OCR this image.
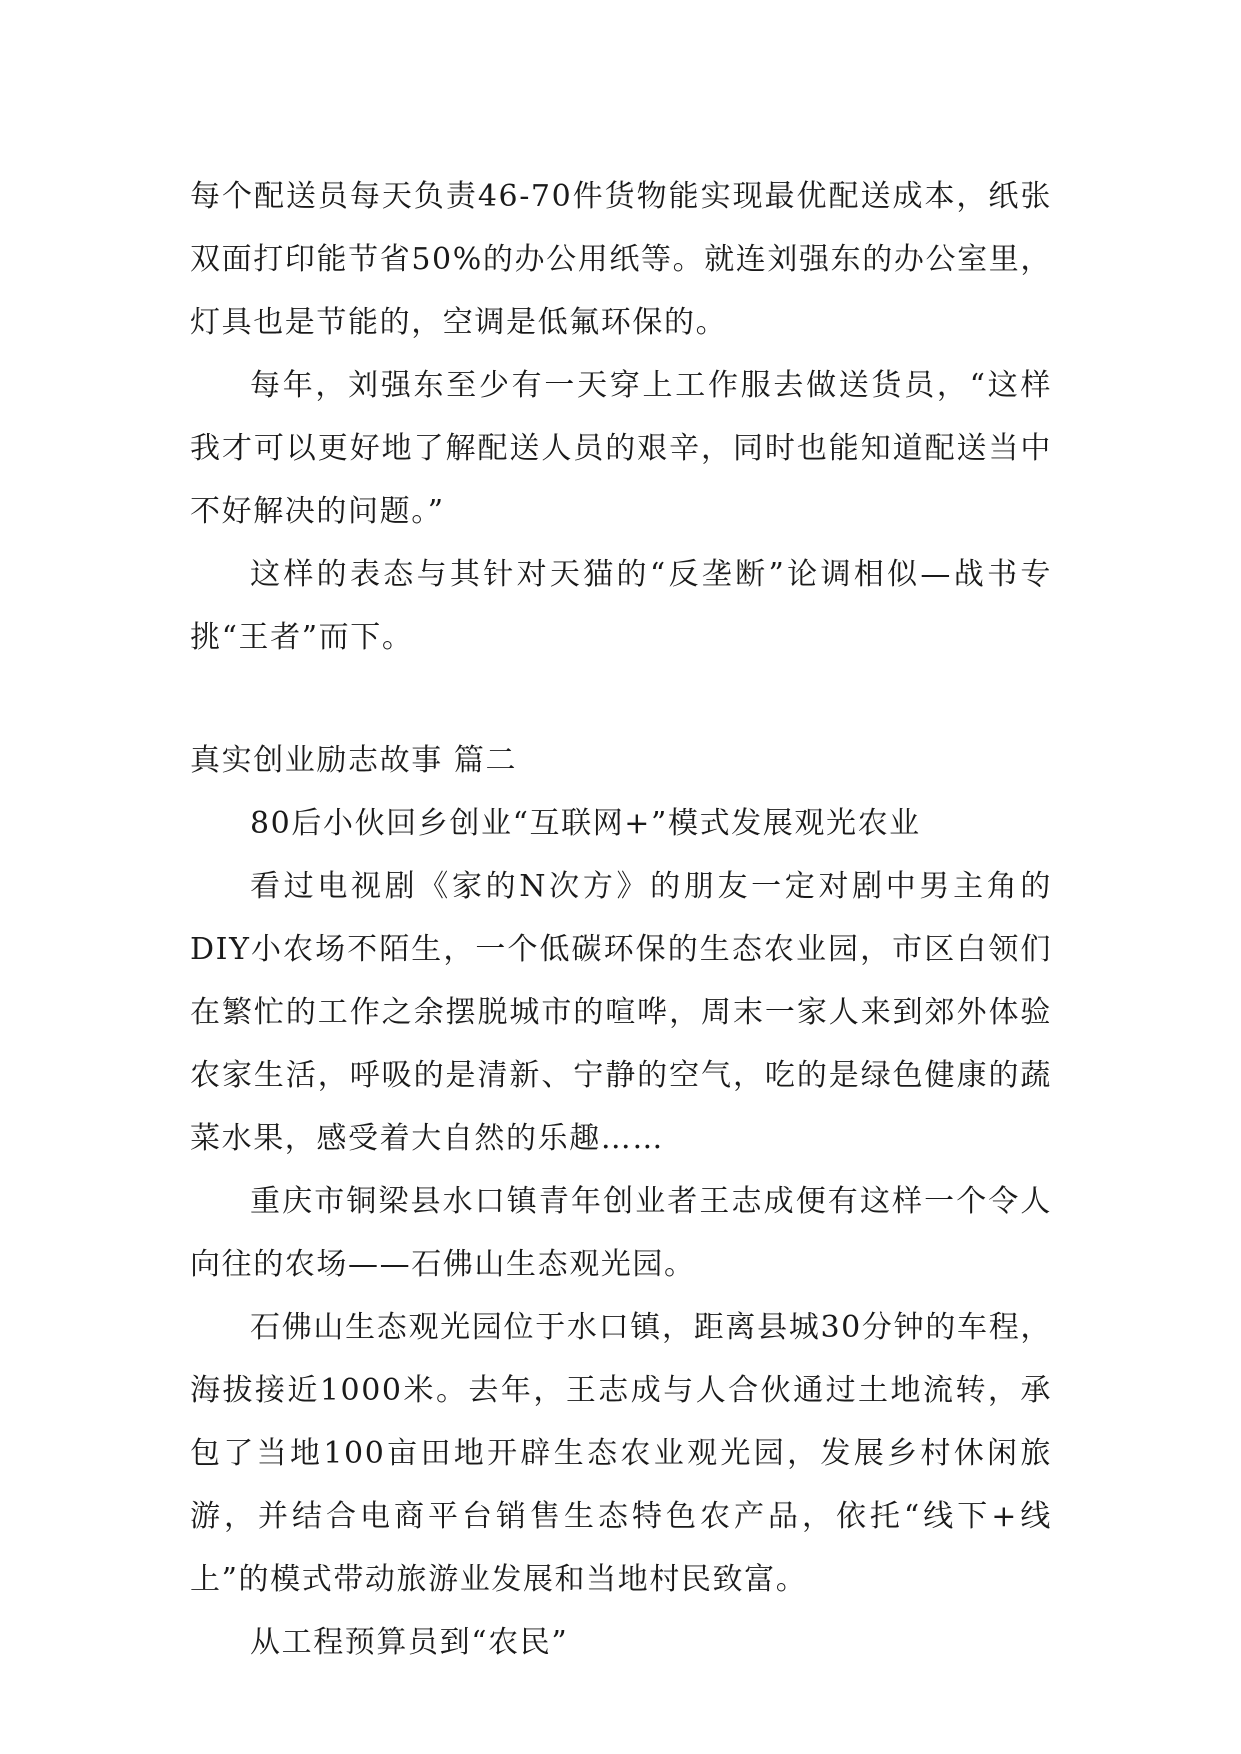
每个配送员每天负责46-70件货物能实现最优配送成本，纸张双面打印能节省50%的办公用纸等。就连刘强东的办公室里，灯具也是节能的，空调是低氟环保的。

每年，刘强东至少有一天穿上工作服去做送货员，“这样我才可以更好地了解配送人员的艰辛，同时也能知道配送当中不好解决的问题。”

这样的表态与其针对天猫的“反垄断”论调相似—战书专挑“王者”而下。

真实创业励志故事 篇二

80后小伙回乡创业“互联网+”模式发展观光农业

看过电视剧《家的N次方》的朋友一定对剧中男主角的DIY小农场不陌生，一个低碳环保的生态农业园，市区白领们在繁忙的工作之余摆脱城市的喧哗，周末一家人来到郊外体验农家生活，呼吸的是清新、宁静的空气，吃的是绿色健康的蔬菜水果，感受着大自然的乐趣……

重庆市铜梁县水口镇青年创业者王志成便有这样一个令人向往的农场——石佛山生态观光园。

石佛山生态观光园位于水口镇，距离县城30分钟的车程，海拔接近1000米。去年，王志成与人合伙通过土地流转，承包了当地100亩田地开辟生态农业观光园，发展乡村休闲旅游，并结合电商平台销售生态特色农产品，依托“线下+线上”的模式带动旅游业发展和当地村民致富。

从工程预算员到“农民”
